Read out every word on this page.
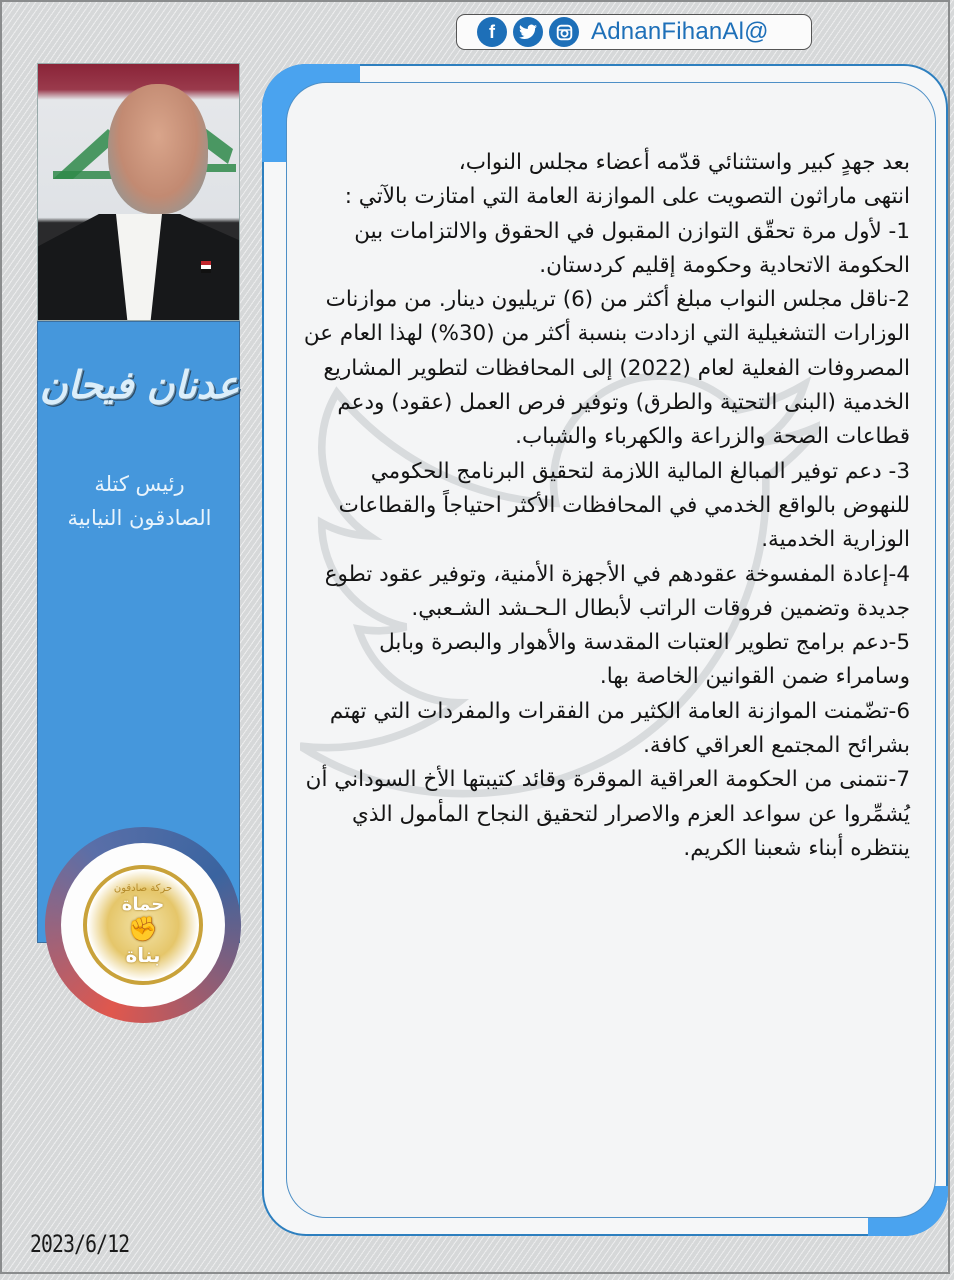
f	AdnanFihanAl@
عدنان فيحان
رئيس كتلة
الصادقون النيابية
حركة صادقون
حماة
✊
بناة

بعد جهدٍ كبير واستثنائي قدّمه أعضاء مجلس النواب،

انتهى ماراثون التصويت على الموازنة العامة التي امتازت بالآتي :

1- لأول مرة تحقّق التوازن المقبول في الحقوق والالتزامات بين الحكومة الاتحادية وحكومة إقليم كردستان.

2-ناقل مجلس النواب مبلغ أكثر من (6) تريليون دينار. من موازنات الوزارات التشغيلية التي ازدادت بنسبة أكثر من (30%) لهذا العام عن المصروفات الفعلية لعام (2022) إلى المحافظات لتطوير المشاريع الخدمية (البنى التحتية والطرق) وتوفير فرص العمل (عقود) ودعم قطاعات الصحة والزراعة والكهرباء والشباب.

3- دعم توفير المبالغ المالية اللازمة لتحقيق البرنامج الحكومي للنهوض بالواقع الخدمي في المحافظات الأكثر احتياجاً والقطاعات الوزارية الخدمية.

4-إعادة المفسوخة عقودهم في الأجهزة الأمنية، وتوفير عقود تطوع جديدة وتضمين فروقات الراتب لأبطال الـحـشد الشـعبي.

5-دعم برامج تطوير العتبات المقدسة والأهوار والبصرة وبابل وسامراء ضمن القوانين الخاصة بها.

6-تضّمنت الموازنة العامة الكثير من الفقرات والمفردات التي تهتم بشرائح المجتمع العراقي كافة.

7-نتمنى من الحكومة العراقية الموقرة وقائد كتيبتها الأخ السوداني أن يُشمِّروا عن سواعد العزم والاصرار لتحقيق النجاح المأمول الذي ينتظره أبناء شعبنا الكريم.

2023/6/12
